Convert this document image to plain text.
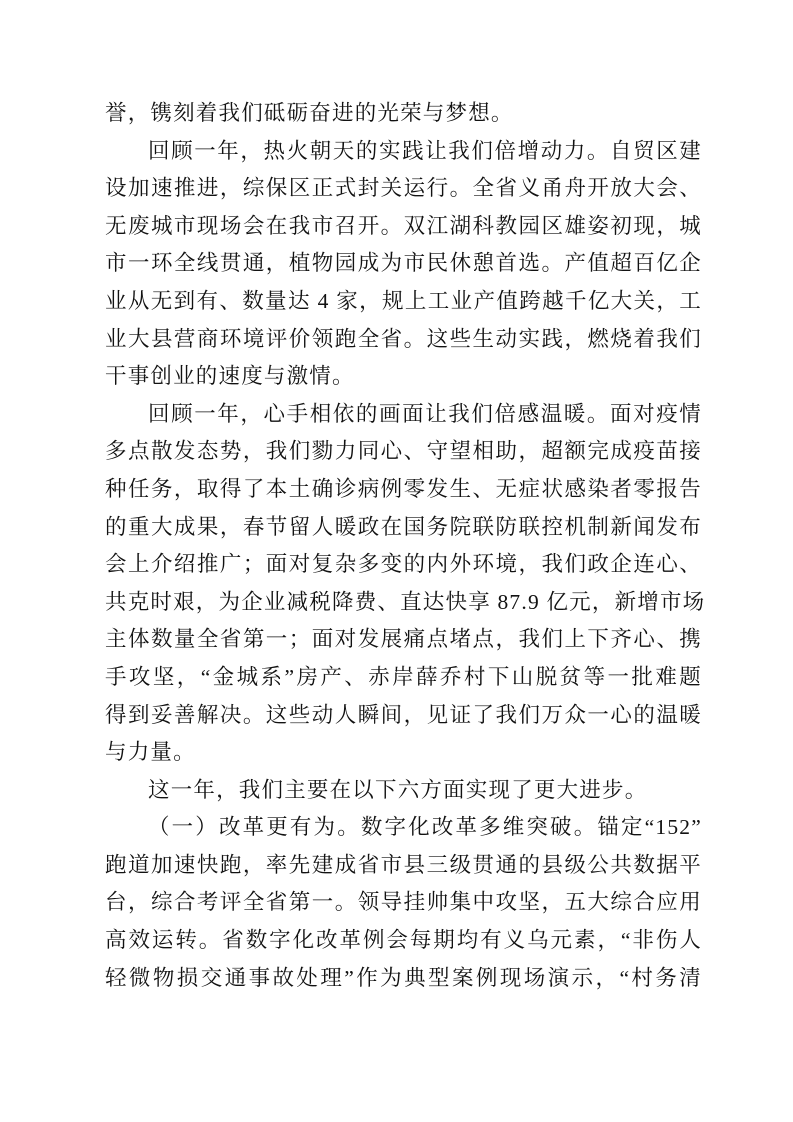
誉，镌刻着我们砥砺奋进的光荣与梦想。
回顾一年，热火朝天的实践让我们倍增动力。自贸区建
设加速推进，综保区正式封关运行。全省义甬舟开放大会、
无废城市现场会在我市召开。双江湖科教园区雄姿初现，城
市一环全线贯通，植物园成为市民休憩首选。产值超百亿企
业从无到有、数量达 4 家，规上工业产值跨越千亿大关，工
业大县营商环境评价领跑全省。这些生动实践，燃烧着我们
干事创业的速度与激情。
回顾一年，心手相依的画面让我们倍感温暖。面对疫情
多点散发态势，我们勠力同心、守望相助，超额完成疫苗接
种任务，取得了本土确诊病例零发生、无症状感染者零报告
的重大成果，春节留人暖政在国务院联防联控机制新闻发布
会上介绍推广；面对复杂多变的内外环境，我们政企连心、
共克时艰，为企业减税降费、直达快享 87.9 亿元，新增市场
主体数量全省第一；面对发展痛点堵点，我们上下齐心、携
手攻坚，“金城系”房产、赤岸薛乔村下山脱贫等一批难题
得到妥善解决。这些动人瞬间，见证了我们万众一心的温暖
与力量。
这一年，我们主要在以下六方面实现了更大进步。
（一）改革更有为。数字化改革多维突破。锚定“152”
跑道加速快跑，率先建成省市县三级贯通的县级公共数据平
台，综合考评全省第一。领导挂帅集中攻坚，五大综合应用
高效运转。省数字化改革例会每期均有义乌元素，“非伤人
轻微物损交通事故处理”作为典型案例现场演示，“村务清
